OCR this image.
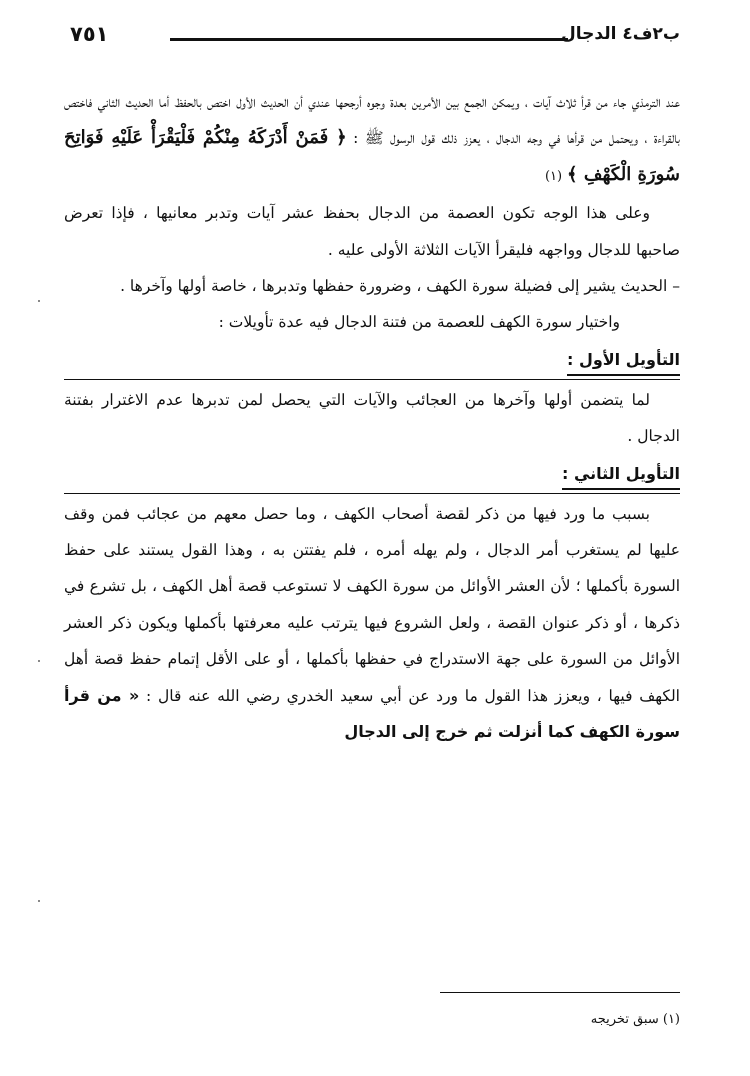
ب٢ف٤ الدجال
٧٥١

عند الترمذي جاء من قرأ ثلاث آيات ، ويمكن الجمع بين الأمرين بعدة وجوه أرجحها عندي أن الحديث الأول اختص بالحفظ أما الحديث الثاني فاختص بالقراءة ، ويحتمل من قرأها في وجه الدجال ، يعزز ذلك قول الرسول ﷺ : ﴿ فَمَنْ أَدْرَكَهُ مِنْكُمْ فَلْيَقْرَأْ عَلَيْهِ فَوَاتِحَ سُورَةِ الْكَهْفِ ﴾ (١)

وعلى هذا الوجه تكون العصمة من الدجال بحفظ عشر آيات وتدبر معانيها ، فإذا تعرض صاحبها للدجال وواجهه فليقرأ الآيات الثلاثة الأولى عليه .

– الحديث يشير إلى فضيلة سورة الكهف ، وضرورة حفظها وتدبرها ، خاصة أولها وآخرها .

واختيار سورة الكهف للعصمة من فتنة الدجال فيه عدة تأويلات :

التأويل الأول :

لما يتضمن أولها وآخرها من العجائب والآيات التي يحصل لمن تدبرها عدم الاغترار بفتنة الدجال .

التأويل الثاني :

بسبب ما ورد فيها من ذكر لقصة أصحاب الكهف ، وما حصل معهم من عجائب فمن وقف عليها لم يستغرب أمر الدجال ، ولم يهله أمره ، فلم يفتتن به ، وهذا القول يستند على حفظ السورة بأكملها ؛ لأن العشر الأوائل من سورة الكهف لا تستوعب قصة أهل الكهف ، بل تشرع في ذكرها ، أو ذكر عنوان القصة ، ولعل الشروع فيها يترتب عليه معرفتها بأكملها ويكون ذكر العشر الأوائل من السورة على جهة الاستدراج في حفظها بأكملها ، أو على الأقل إتمام حفظ قصة أهل الكهف فيها ، ويعزز هذا القول ما ورد عن أبي سعيد الخدري رضي الله عنه قال : « من قرأ سورة الكهف كما أنزلت ثم خرج إلى الدجال

(١) سبق تخريجه
